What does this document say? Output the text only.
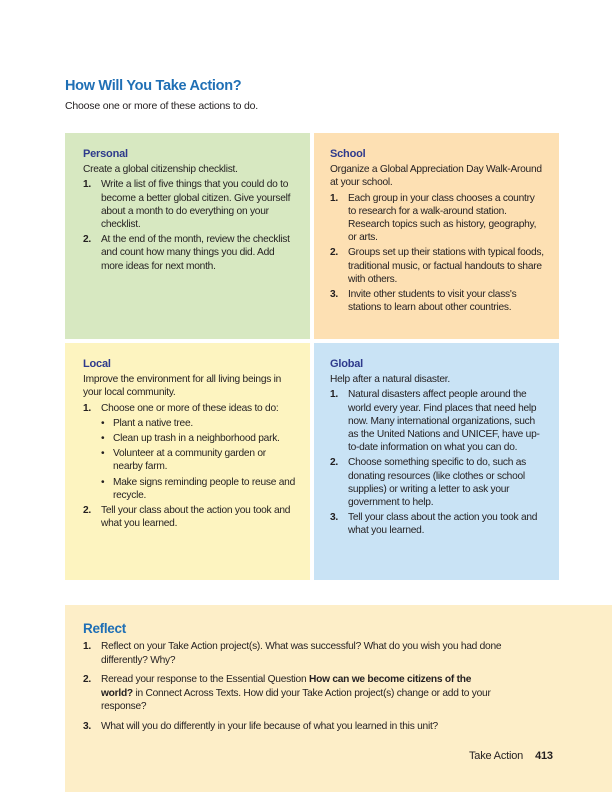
How Will You Take Action?

Choose one or more of these actions to do.

Personal

Create a global citizenship checklist.

1. Write a list of five things that you could do to become a better global citizen. Give yourself about a month to do everything on your checklist.
2. At the end of the month, review the checklist and count how many things you did. Add more ideas for next month.
School

Organize a Global Appreciation Day Walk-Around at your school.

1. Each group in your class chooses a country to research for a walk-around station. Research topics such as history, geography, or arts.
2. Groups set up their stations with typical foods, traditional music, or factual handouts to share with others.
3. Invite other students to visit your class's stations to learn about other countries.
Local

Improve the environment for all living beings in your local community.

1. Choose one or more of these ideas to do:
• Plant a native tree.
• Clean up trash in a neighborhood park.
• Volunteer at a community garden or nearby farm.
• Make signs reminding people to reuse and recycle.
2. Tell your class about the action you took and what you learned.
Global

Help after a natural disaster.

1. Natural disasters affect people around the world every year. Find places that need help now. Many international organizations, such as the United Nations and UNICEF, have up-to-date information on what you can do.
2. Choose something specific to do, such as donating resources (like clothes or school supplies) or writing a letter to ask your government to help.
3. Tell your class about the action you took and what you learned.
Reflect
1. Reflect on your Take Action project(s). What was successful? What do you wish you had done differently? Why?
2. Reread your response to the Essential Question How can we become citizens of the world? in Connect Across Texts. How did your Take Action project(s) change or add to your response?
3. What will you do differently in your life because of what you learned in this unit?
Take Action 413
